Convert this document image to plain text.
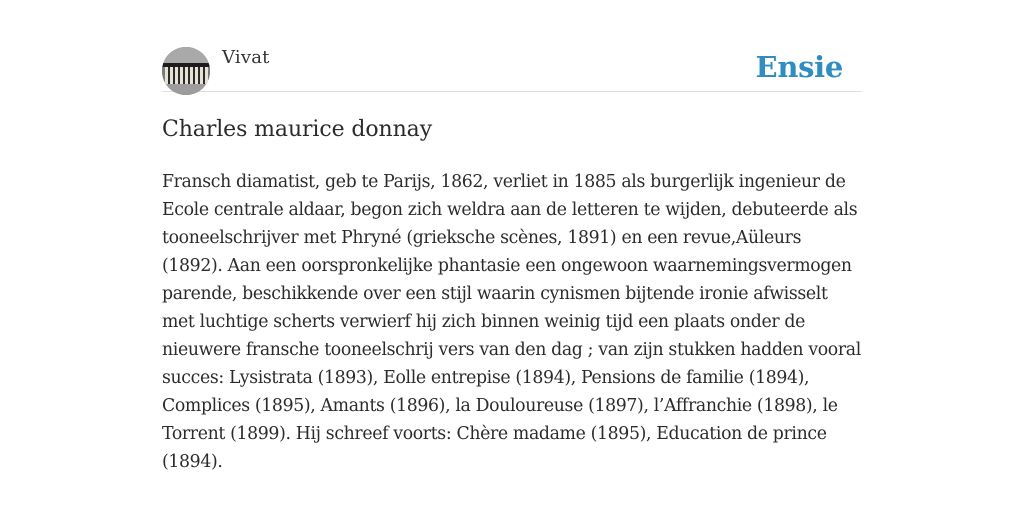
Vivat	Ensie
Charles maurice donnay

Fransch diamatist, geb te Parijs, 1862, verliet in 1885 als burgerlijk ingenieur de Ecole centrale aldaar, begon zich weldra aan de letteren te wijden, debuteerde als tooneelschrijver met Phryné (grieksche scènes, 1891) en een revue,Aüleurs (1892). Aan een oorspronkelijke phantasie een ongewoon waarnemingsvermogen parende, beschikkende over een stijl waarin cynismen bijtende ironie afwisselt met luchtige scherts verwierf hij zich binnen weinig tijd een plaats onder de nieuwere fransche tooneelschrij vers van den dag ; van zijn stukken hadden vooral succes: Lysistrata (1893), Eolle entrepise (1894), Pensions de familie (1894), Complices (1895), Amants (1896), la Douloureuse (1897), l’Affranchie (1898), le Torrent (1899). Hij schreef voorts: Chère madame (1895), Education de prince (1894).
